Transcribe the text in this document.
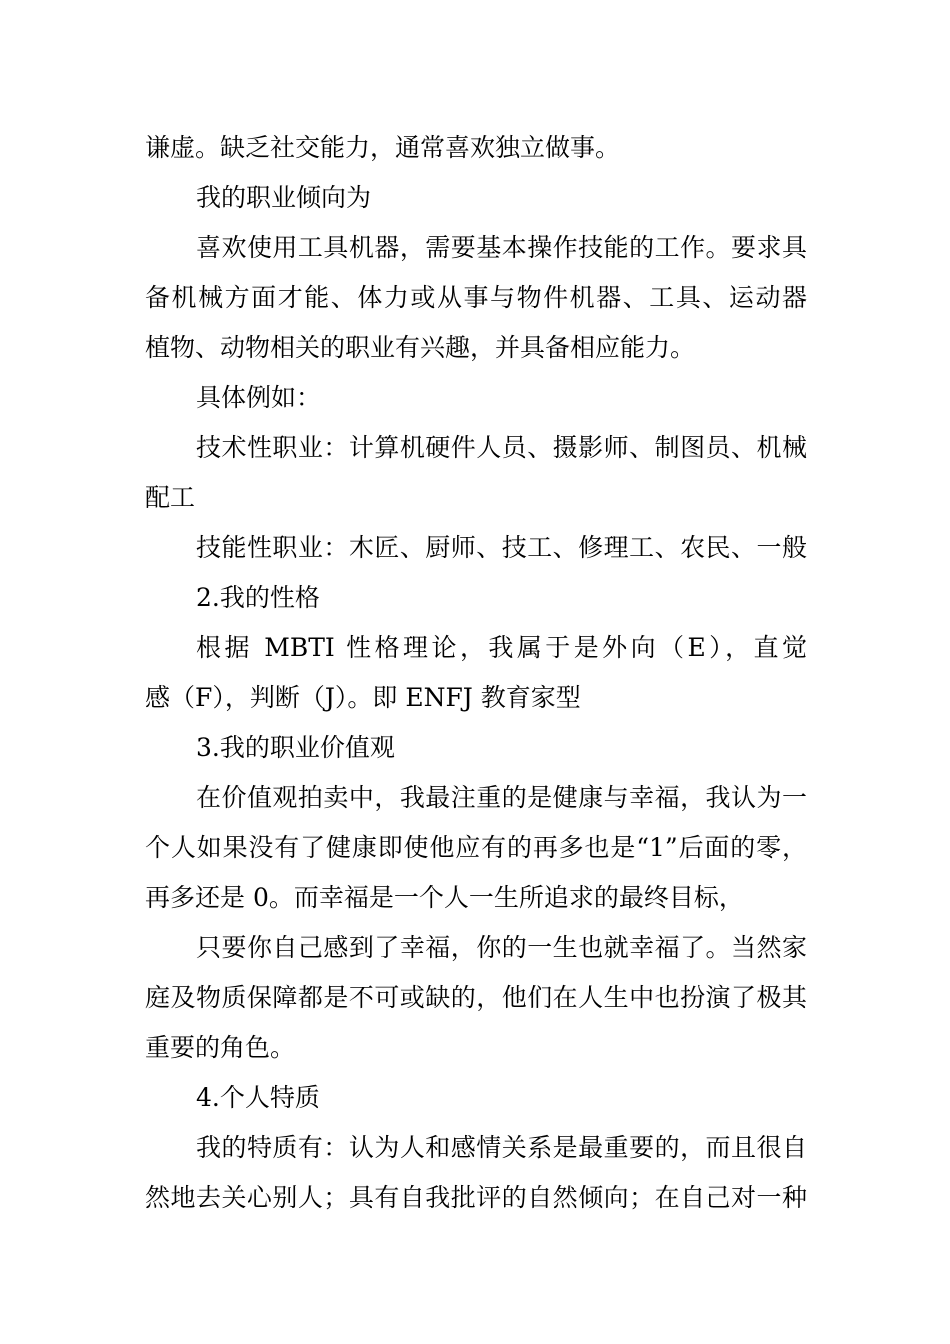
谦虚。缺乏社交能力，通常喜欢独立做事。
我的职业倾向为
喜欢使用工具机器，需要基本操作技能的工作。要求具
备机械方面才能、体力或从事与物件机器、工具、运动器
植物、动物相关的职业有兴趣，并具备相应能力。
具体例如：
技术性职业：计算机硬件人员、摄影师、制图员、机械
配工
技能性职业：木匠、厨师、技工、修理工、农民、一般
2.我的性格
根据 MBTI 性格理论，我属于是外向（E），直觉
感（F），判断（J）。即 ENFJ 教育家型
3.我的职业价值观
在价值观拍卖中，我最注重的是健康与幸福，我认为一
个人如果没有了健康即使他应有的再多也是“1”后面的零，
再多还是 0。而幸福是一个人一生所追求的最终目标，
只要你自己感到了幸福，你的一生也就幸福了。当然家
庭及物质保障都是不可或缺的，他们在人生中也扮演了极其
重要的角色。
4.个人特质
我的特质有：认为人和感情关系是最重要的，而且很自
然地去关心别人；具有自我批评的自然倾向；在自己对一种
